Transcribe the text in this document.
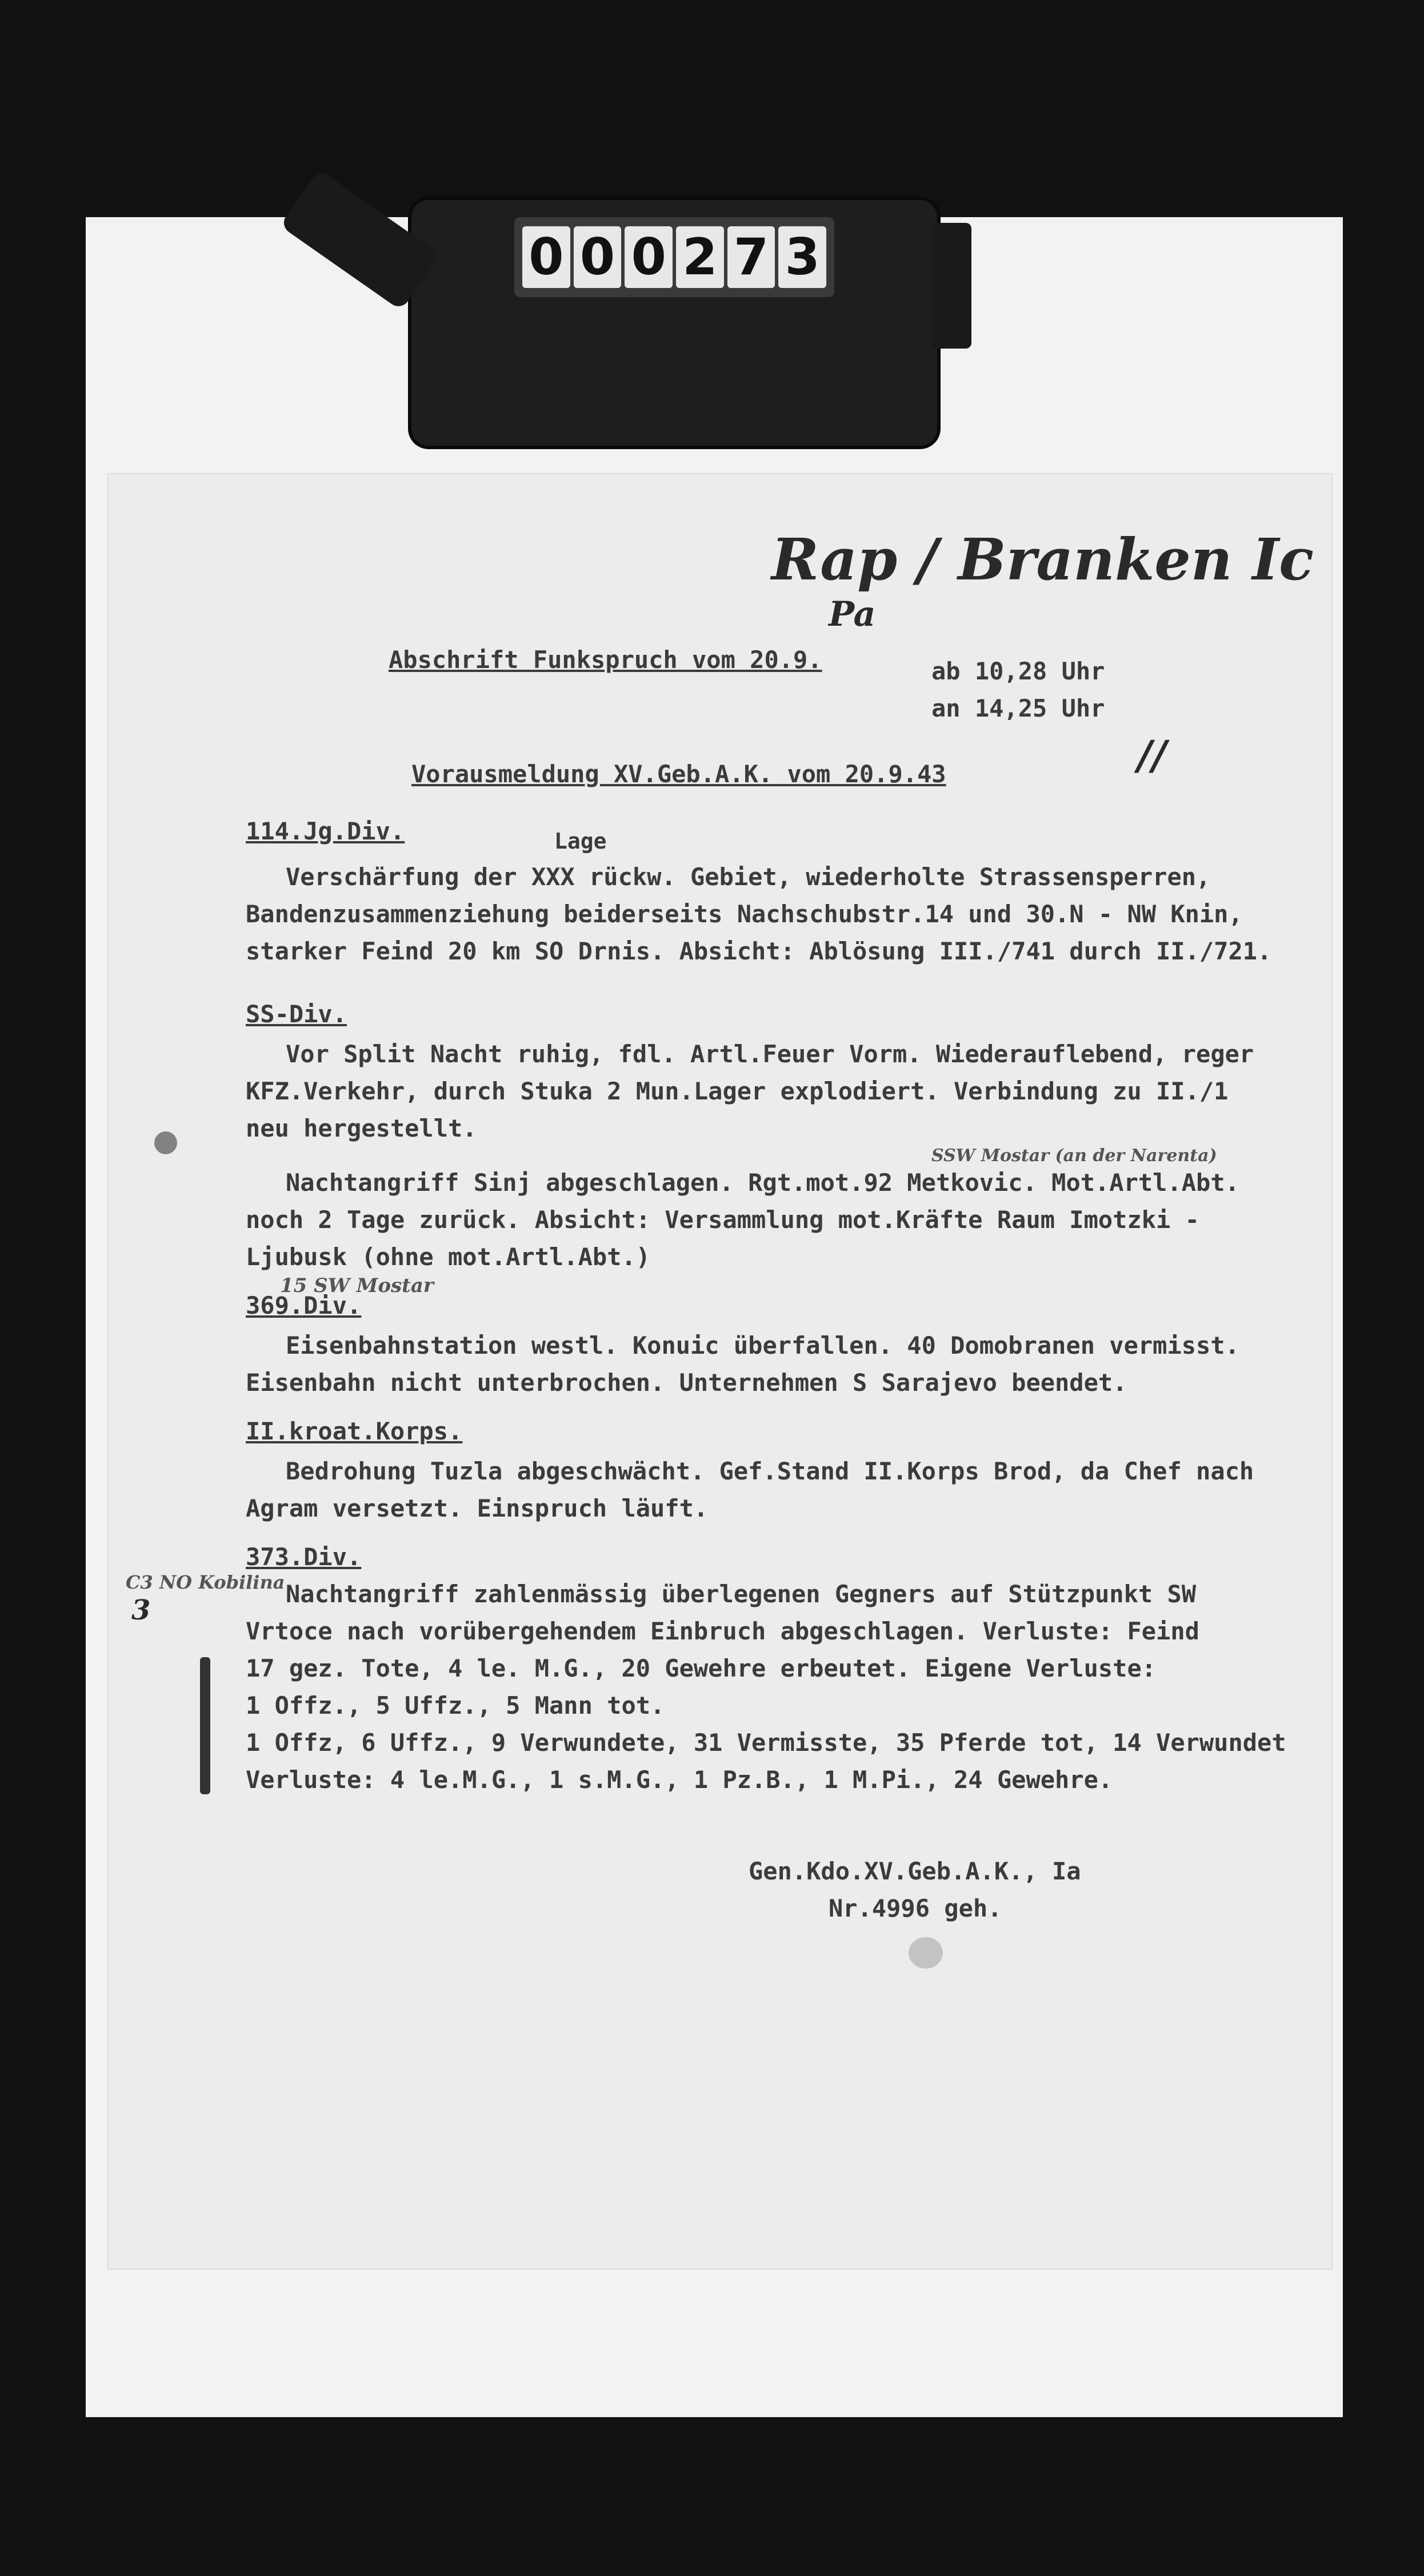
0 0 0 2 7 3
Rap / Branken Ic
Pa
Abschrift Funkspruch vom 20.9.	ab 10,28 Uhr
an 14,25 Uhr
//
Vorausmeldung XV.Geb.A.K. vom 20.9.43
114.Jg.Div.	Lage
Verschärfung der XXX rückw. Gebiet, wiederholte Strassensperren,
Bandenzusammenziehung beiderseits Nachschubstr.14 und 30.N - NW Knin,
starker Feind 20 km SO Drnis. Absicht: Ablösung III./741 durch II./721.
SS-Div.
Vor Split Nacht ruhig, fdl. Artl.Feuer Vorm. Wiederauflebend, reger
KFZ.Verkehr, durch Stuka 2 Mun.Lager explodiert. Verbindung zu II./1
neu hergestellt.
SSW Mostar (an der Narenta)
Nachtangriff Sinj abgeschlagen. Rgt.mot.92 Metkovic. Mot.Artl.Abt.
noch 2 Tage zurück. Absicht: Versammlung mot.Kräfte Raum Imotzki -
Ljubusk (ohne mot.Artl.Abt.)
15 SW Mostar
369.Div.
Eisenbahnstation westl. Konuic überfallen. 40 Domobranen vermisst.
Eisenbahn nicht unterbrochen. Unternehmen S Sarajevo beendet.
II.kroat.Korps.
Bedrohung Tuzla abgeschwächt. Gef.Stand II.Korps Brod, da Chef nach
Agram versetzt. Einspruch läuft.
373.Div.
C3 NO Kobilina
3
Nachtangriff zahlenmässig überlegenen Gegners auf Stützpunkt SW
Vrtoce nach vorübergehendem Einbruch abgeschlagen. Verluste: Feind
17 gez. Tote, 4 le. M.G., 20 Gewehre erbeutet. Eigene Verluste:
1 Offz., 5 Uffz., 5 Mann tot.
1 Offz, 6 Uffz., 9 Verwundete, 31 Vermisste, 35 Pferde tot, 14 Verwundet
Verluste: 4 le.M.G., 1 s.M.G., 1 Pz.B., 1 M.Pi., 24 Gewehre.
Gen.Kdo.XV.Geb.A.K., Ia
Nr.4996 geh.
